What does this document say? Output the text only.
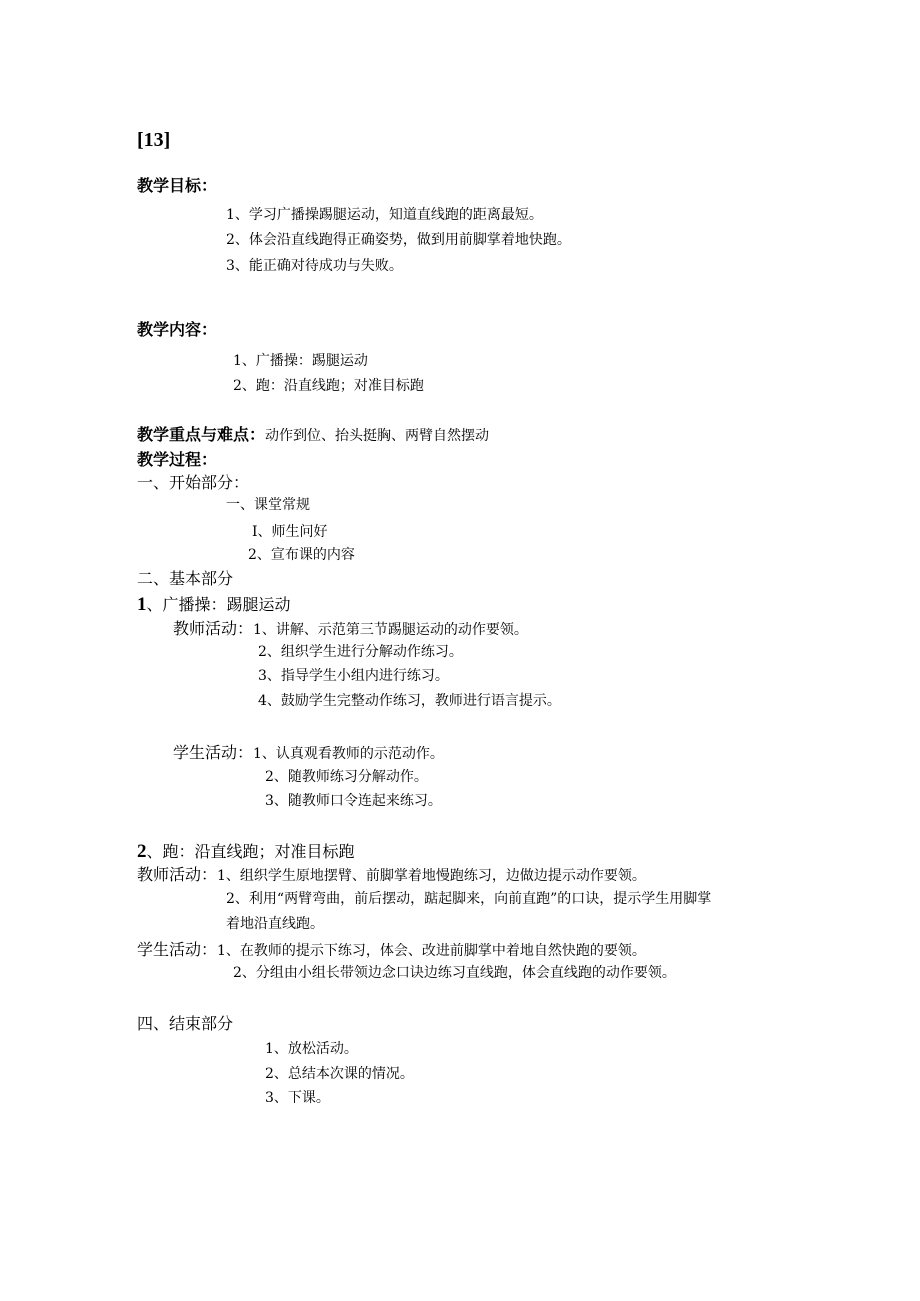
[13]
教学目标：
1、学习广播操踢腿运动，知道直线跑的距离最短。
2、体会沿直线跑得正确姿势，做到用前脚掌着地快跑。
3、能正确对待成功与失败。
教学内容：
1、广播操：踢腿运动
2、跑：沿直线跑；对准目标跑
教学重点与难点：动作到位、抬头挺胸、两臂自然摆动
教学过程：
一、开始部分：
一、课堂常规
I、师生问好
2、宣布课的内容
二、基本部分
1、广播操：踢腿运动
教师活动：1、讲解、示范第三节踢腿运动的动作要领。
2、组织学生进行分解动作练习。
3、指导学生小组内进行练习。
4、鼓励学生完整动作练习，教师进行语言提示。
学生活动：1、认真观看教师的示范动作。
2、随教师练习分解动作。
3、随教师口令连起来练习。
2、跑：沿直线跑；对准目标跑
教师活动：1、组织学生原地摆臂、前脚掌着地慢跑练习，边做边提示动作要领。
2、利用“两臂弯曲，前后摆动，踮起脚来，向前直跑”的口诀，提示学生用脚掌
着地沿直线跑。
学生活动：1、在教师的提示下练习，体会、改进前脚掌中着地自然快跑的要领。
2、分组由小组长带领边念口诀边练习直线跑，体会直线跑的动作要领。
四、结束部分
1、放松活动。
2、总结本次课的情况。
3、下课。
